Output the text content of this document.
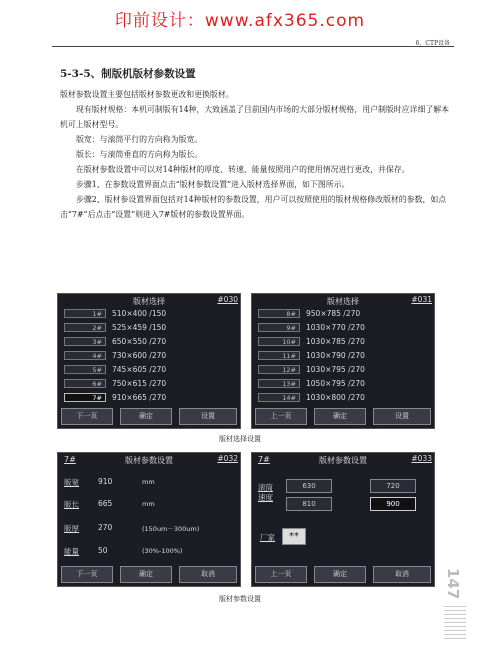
印前设计：www.afx365.com
6、CTP设备
5-3-5、制版机版材参数设置

版材参数设置主要包括版材参数更改和更换版材。

现有版材规格：本机可制版有14种，大致涵盖了目前国内市场的大部分版材规格，用户制版时应详细了解本机可上版材型号。

版宽：与滚筒平行的方向称为版宽。

版长：与滚筒垂直的方向称为版长。

在版材参数设置中可以对14种版材的厚度、转速、能量按照用户的使用情况进行更改，并保存。

步骤1、在参数设置界面点击“版材参数设置”进入版材选择界面，如下图所示。

步骤2、版材参设置界面包括对14种版材的参数设置，用户可以按照使用的版材规格修改版材的参数，如点击“7#”后点击“设置”则进入7#版材的参数设置界面。

版材选择	#030
1#	510×400 /150
2#	525×459 /150
3#	650×550 /270
4#	730×600 /270
5#	745×605 /270
6#	750×615 /270
7#	910×665 /270
下一页	确定	设置
版材选择	#031
8#	950×785 /270
9#	1030×770 /270
10#	1030×785 /270
11#	1030×790 /270
12#	1030×795 /270
13#	1050×795 /270
14#	1030×800 /270
上一页	确定	设置
版材选择设置
7#	版材参数设置	#032
版宽	910	mm
版长	665	mm
版厚	270	(150um－300um)
能量	50	(30%-100%)
下一页	确定	取消
7#	版材参数设置	#033
滚筒
速度
630	720
810	900
厂家	**
上一页	确定	取消
版材参数设置	147
